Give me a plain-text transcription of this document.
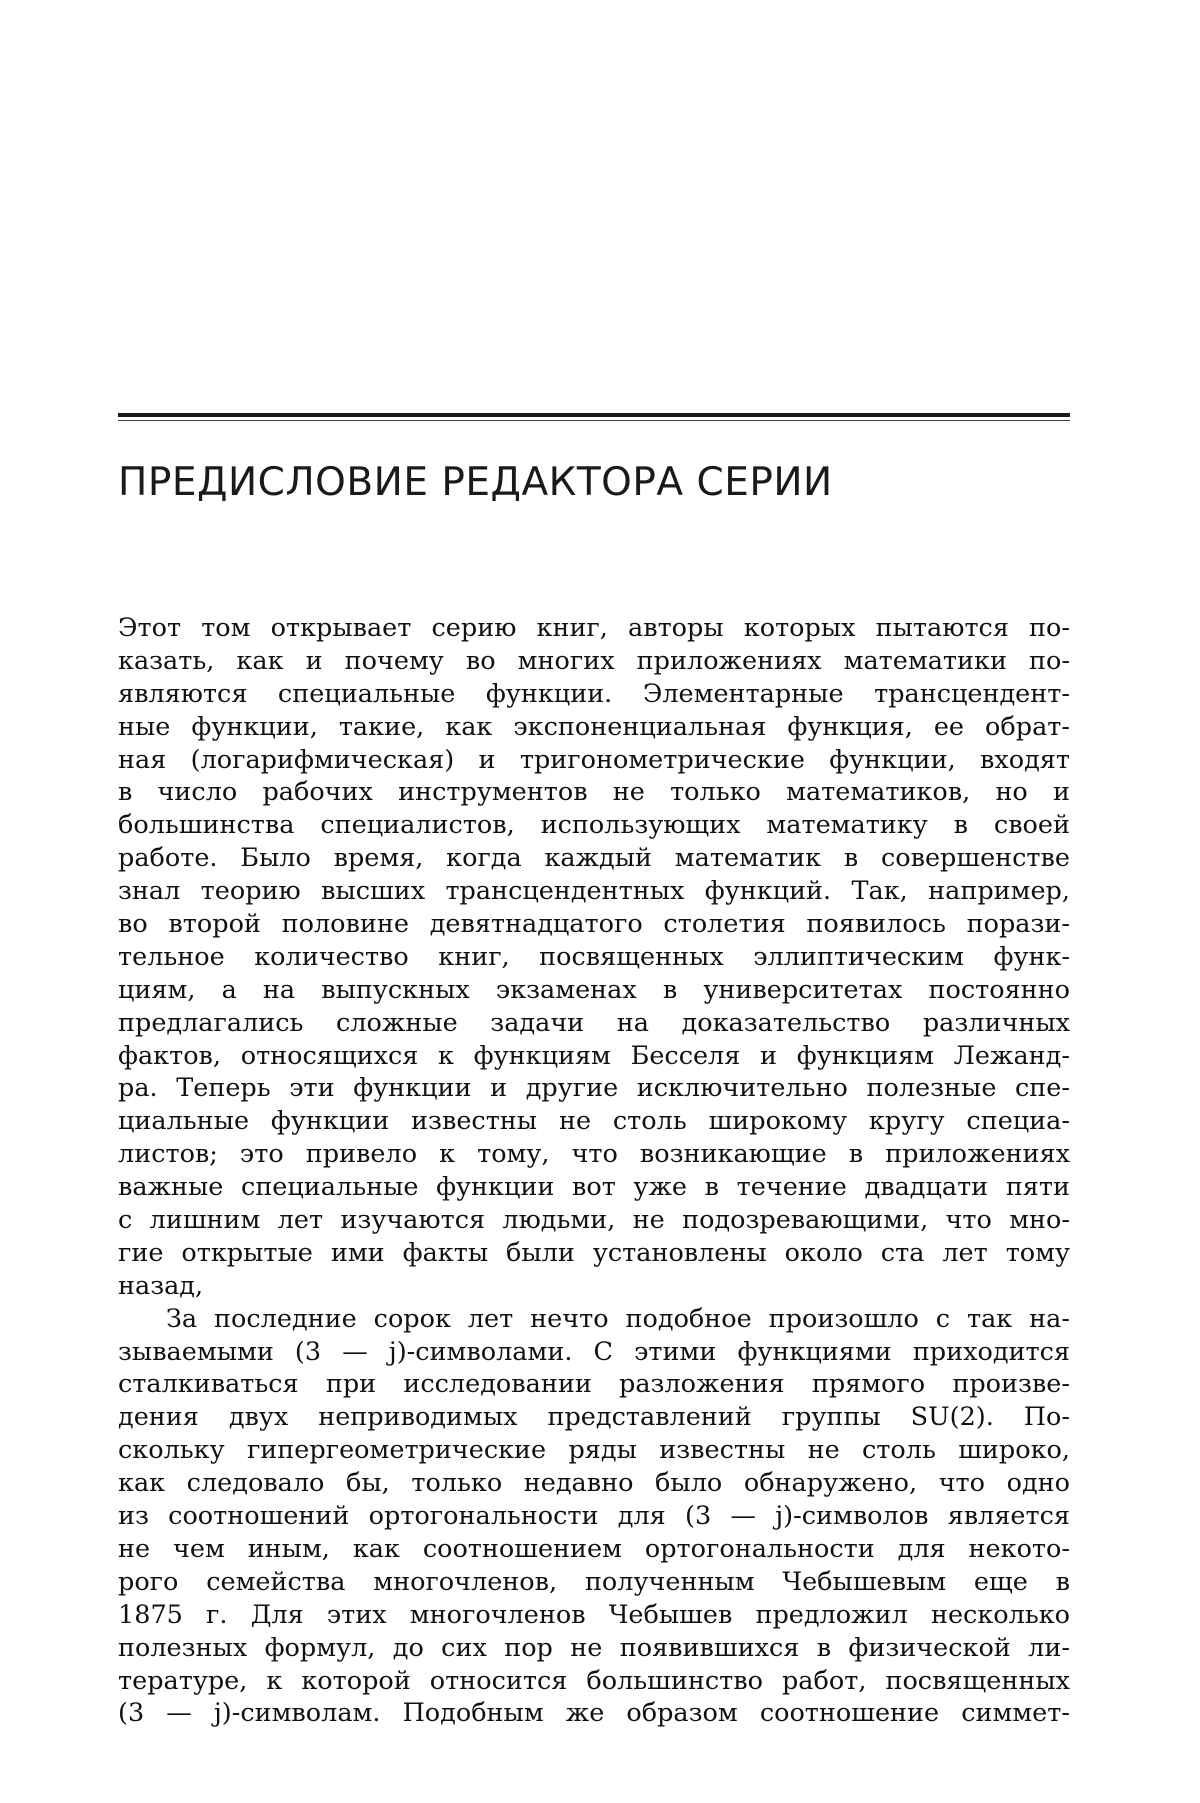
ПРЕДИСЛОВИЕ РЕДАКТОРА СЕРИИ
Этот том открывает серию книг, авторы которых пытаются по-
казать, как и почему во многих приложениях математики по-
являются специальные функции. Элементарные трансцендент-
ные функции, такие, как экспоненциальная функция, ее обрат-
ная (логарифмическая) и тригонометрические функции, входят
в число рабочих инструментов не только математиков, но и
большинства специалистов, использующих математику в своей
работе. Было время, когда каждый математик в совершенстве
знал теорию высших трансцендентных функций. Так, например,
во второй половине девятнадцатого столетия появилось порази-
тельное количество книг, посвященных эллиптическим функ-
циям, а на выпускных экзаменах в университетах постоянно
предлагались сложные задачи на доказательство различных
фактов, относящихся к функциям Бесселя и функциям Лежанд-
ра. Теперь эти функции и другие исключительно полезные спе-
циальные функции известны не столь широкому кругу специа-
листов; это привело к тому, что возникающие в приложениях
важные специальные функции вот уже в течение двадцати пяти
с лишним лет изучаются людьми, не подозревающими, что мно-
гие открытые ими факты были установлены около ста лет тому
назад,
За последние сорок лет нечто подобное произошло с так на-
зываемыми (3 — j)-символами. С этими функциями приходится
сталкиваться при исследовании разложения прямого произве-
дения двух неприводимых представлений группы SU(2). По-
скольку гипергеометрические ряды известны не столь широко,
как следовало бы, только недавно было обнаружено, что одно
из соотношений ортогональности для (3 — j)-символов является
не чем иным, как соотношением ортогональности для некото-
рого семейства многочленов, полученным Чебышевым еще в
1875 г. Для этих многочленов Чебышев предложил несколько
полезных формул, до сих пор не появившихся в физической ли-
тературе, к которой относится большинство работ, посвященных
(3 — j)-символам. Подобным же образом соотношение симмет-
